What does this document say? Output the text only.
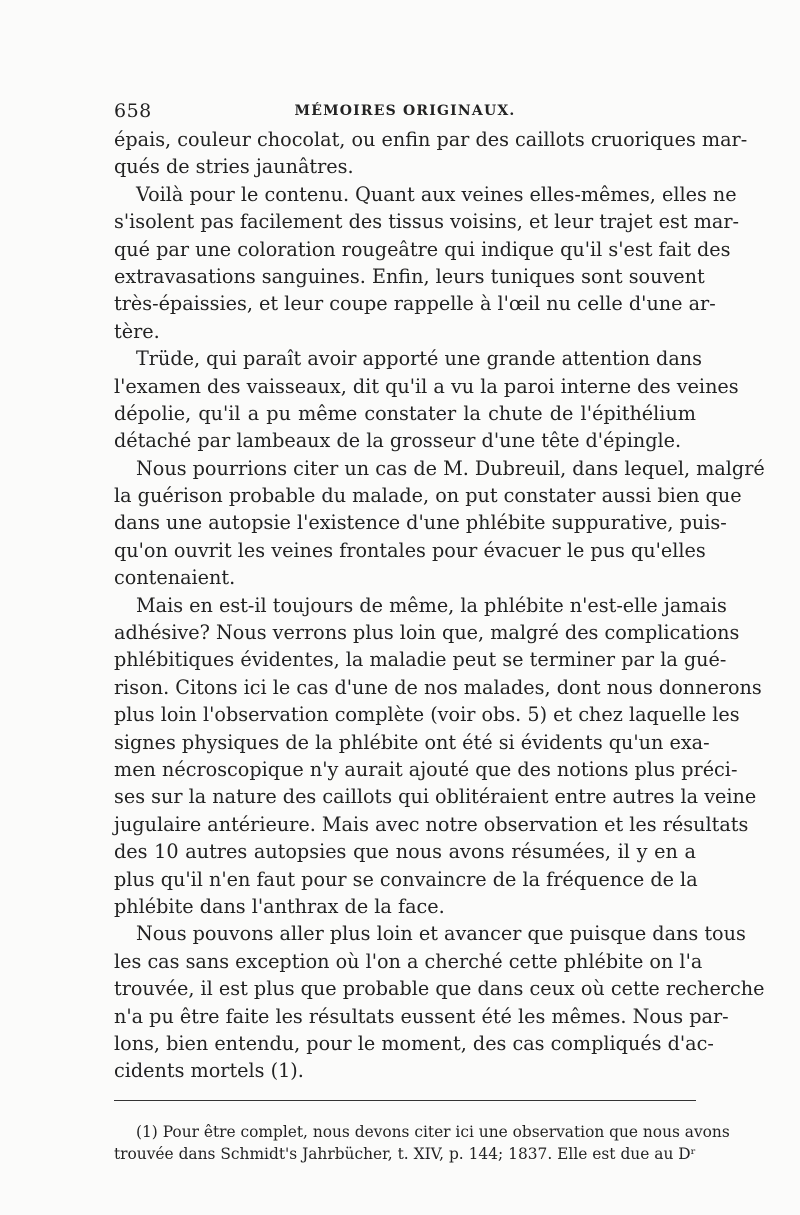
658	MÉMOIRES ORIGINAUX.
épais, couleur chocolat, ou enfin par des caillots cruoriques mar-
qués de stries jaunâtres.
Voilà pour le contenu. Quant aux veines elles-mêmes, elles ne
s'isolent pas facilement des tissus voisins, et leur trajet est mar-
qué par une coloration rougeâtre qui indique qu'il s'est fait des
extravasations sanguines. Enfin, leurs tuniques sont souvent
très-épaissies, et leur coupe rappelle à l'œil nu celle d'une ar-
tère.
Trüde, qui paraît avoir apporté une grande attention dans
l'examen des vaisseaux, dit qu'il a vu la paroi interne des veines
dépolie, qu'il a pu même constater la chute de l'épithélium
détaché par lambeaux de la grosseur d'une tête d'épingle.
Nous pourrions citer un cas de M. Dubreuil, dans lequel, malgré
la guérison probable du malade, on put constater aussi bien que
dans une autopsie l'existence d'une phlébite suppurative, puis-
qu'on ouvrit les veines frontales pour évacuer le pus qu'elles
contenaient.
Mais en est-il toujours de même, la phlébite n'est-elle jamais
adhésive? Nous verrons plus loin que, malgré des complications
phlébitiques évidentes, la maladie peut se terminer par la gué-
rison. Citons ici le cas d'une de nos malades, dont nous donnerons
plus loin l'observation complète (voir obs. 5) et chez laquelle les
signes physiques de la phlébite ont été si évidents qu'un exa-
men nécroscopique n'y aurait ajouté que des notions plus préci-
ses sur la nature des caillots qui oblitéraient entre autres la veine
jugulaire antérieure. Mais avec notre observation et les résultats
des 10 autres autopsies que nous avons résumées, il y en a
plus qu'il n'en faut pour se convaincre de la fréquence de la
phlébite dans l'anthrax de la face.
Nous pouvons aller plus loin et avancer que puisque dans tous
les cas sans exception où l'on a cherché cette phlébite on l'a
trouvée, il est plus que probable que dans ceux où cette recherche
n'a pu être faite les résultats eussent été les mêmes. Nous par-
lons, bien entendu, pour le moment, des cas compliqués d'ac-
cidents mortels (1).
(1) Pour être complet, nous devons citer ici une observation que nous avons
trouvée dans Schmidt's Jahrbücher, t. XIV, p. 144; 1837. Elle est due au Dʳ
